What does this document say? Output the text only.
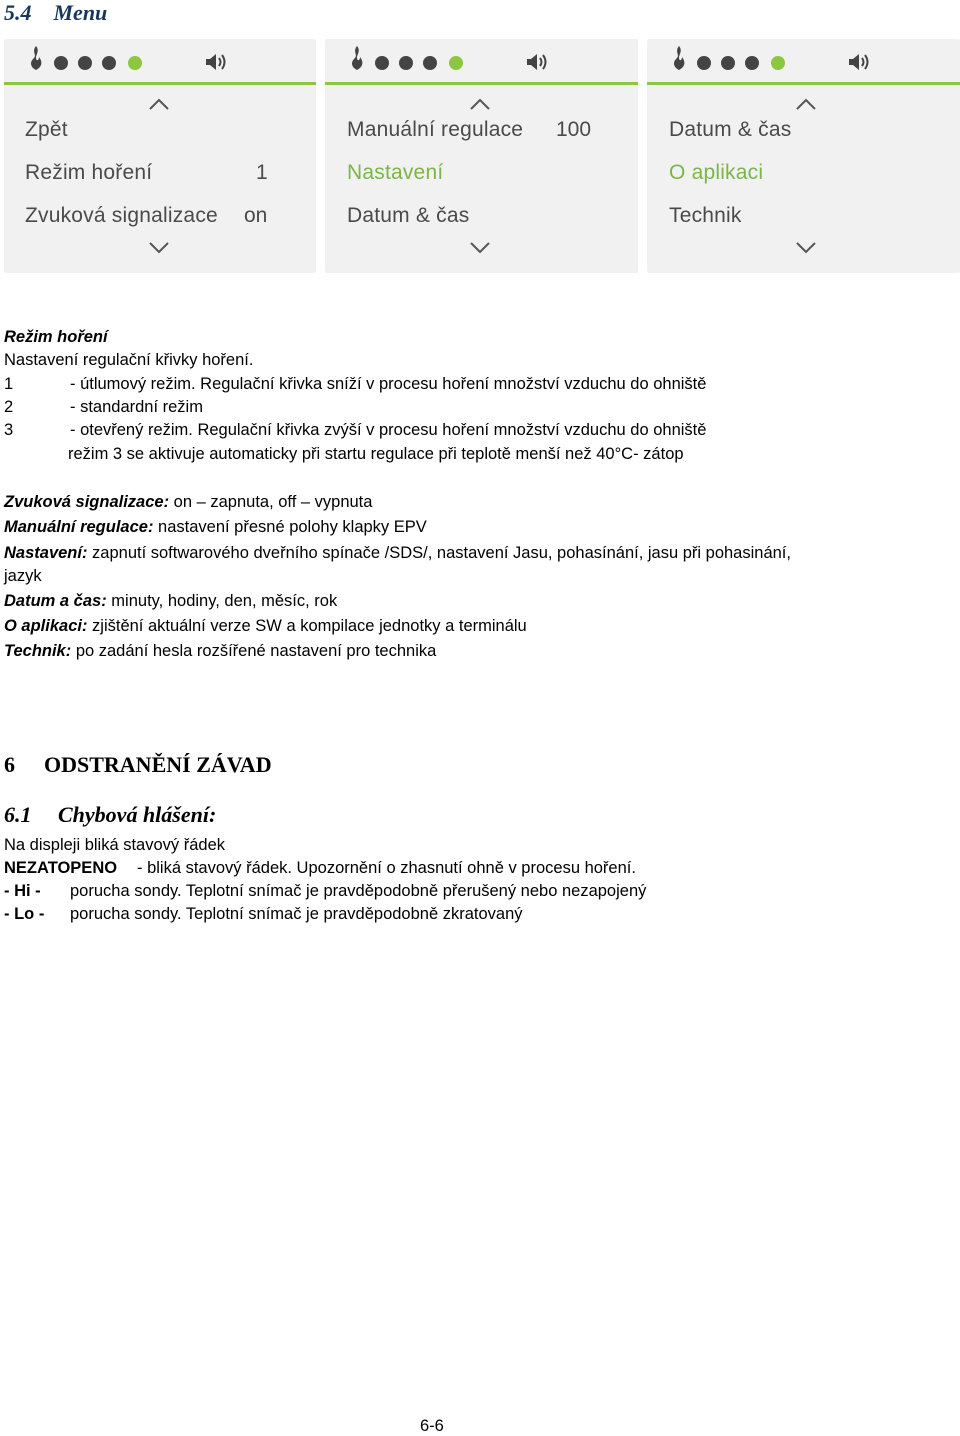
5.4    Menu
Zpět
Režim hoření	1
Zvuková signalizace on
Manuální regulace 100
Nastavení
Datum & čas
Datum & čas
O aplikaci
Technik
Režim hoření
Nastavení regulační křivky hoření.
1	- útlumový režim. Regulační křivka sníží v procesu hoření množství vzduchu do ohniště
2	- standardní režim
3	- otevřený režim. Regulační křivka zvýší v procesu hoření množství vzduchu do ohniště
režim 3 se aktivuje automaticky při startu regulace při teplotě menší než 40°C- zátop
Zvuková signalizace: on – zapnuta, off – vypnuta
Manuální regulace: nastavení přesné polohy klapky EPV
Nastavení: zapnutí softwarového dveřního spínače /SDS/, nastavení Jasu, pohasínání, jasu při pohasinání,
jazyk
Datum a čas: minuty, hodiny, den, měsíc, rok
O aplikaci: zjištění aktuální verze SW a kompilace jednotky a terminálu
Technik: po zadání hesla rozšířené nastavení pro technika
6 ODSTRANĚNÍ ZÁVAD
6.1 Chybová hlášení:
Na displeji bliká stavový řádek
NEZATOPENO - bliká stavový řádek. Upozornění o zhasnutí ohně v procesu hoření.
- Hi - porucha sondy. Teplotní snímač je pravděpodobně přerušený nebo nezapojený
- Lo - porucha sondy. Teplotní snímač je pravděpodobně zkratovaný
6-6
